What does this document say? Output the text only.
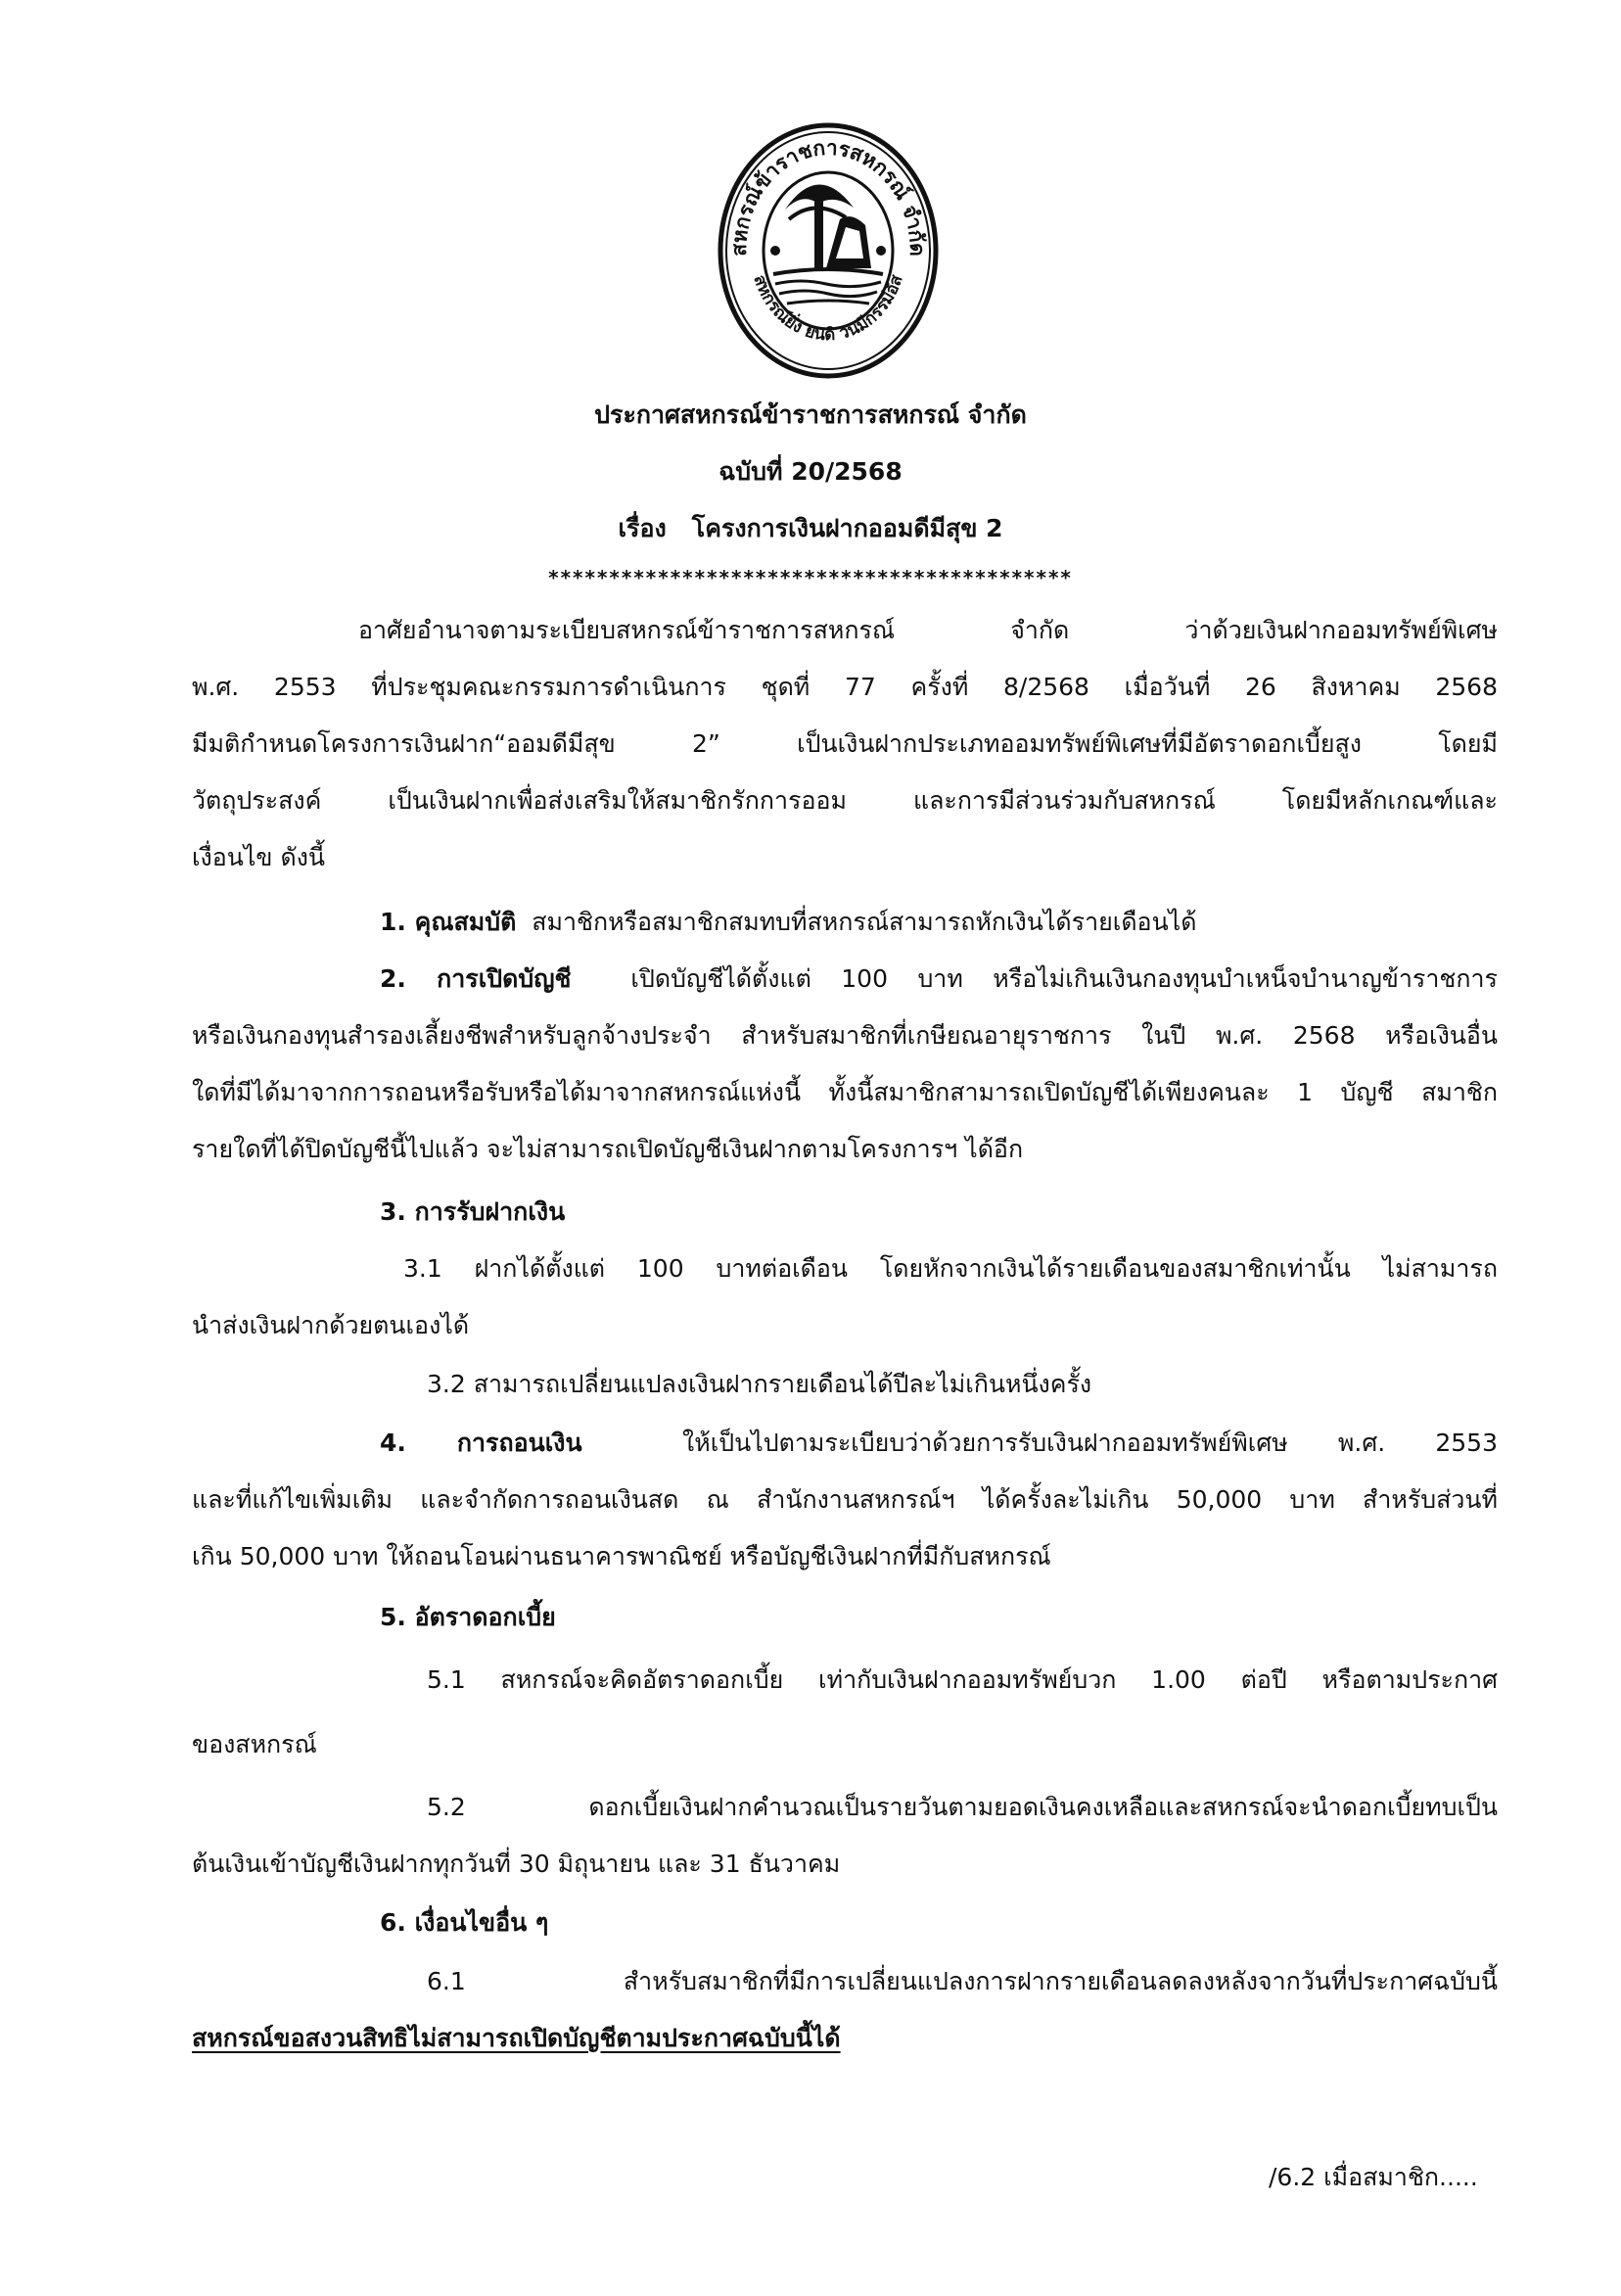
สหกรณ์ข้าราชการสหกรณ์ จำกัด
สหกรณ์ยั่ง ยนดิ วนมีกรรมีอัส
ประกาศสหกรณ์ข้าราชการสหกรณ์ จำกัด
ฉบับที่ 20/2568
เรื่อง โครงการเงินฝากออมดีมีสุข 2
*******************************************
อาศัยอำนาจตามระเบียบสหกรณ์ข้าราชการสหกรณ์ จำกัด ว่าด้วยเงินฝากออมทรัพย์พิเศษ
พ.ศ. 2553 ที่ประชุมคณะกรรมการดำเนินการ ชุดที่ 77 ครั้งที่ 8/2568 เมื่อวันที่ 26 สิงหาคม 2568
มีมติกำหนดโครงการเงินฝาก“ออมดีมีสุข 2” เป็นเงินฝากประเภทออมทรัพย์พิเศษที่มีอัตราดอกเบี้ยสูง โดยมี
วัตถุประสงค์ เป็นเงินฝากเพื่อส่งเสริมให้สมาชิกรักการออม และการมีส่วนร่วมกับสหกรณ์ โดยมีหลักเกณฑ์และ
เงื่อนไข ดังนี้
1. คุณสมบัติ สมาชิกหรือสมาชิกสมทบที่สหกรณ์สามารถหักเงินได้รายเดือนได้
2. การเปิดบัญชี เปิดบัญชีได้ตั้งแต่ 100 บาท หรือไม่เกินเงินกองทุนบำเหน็จบำนาญข้าราชการ
หรือเงินกองทุนสำรองเลี้ยงชีพสำหรับลูกจ้างประจำ สำหรับสมาชิกที่เกษียณอายุราชการ ในปี พ.ศ. 2568 หรือเงินอื่น
ใดที่มีได้มาจากการถอนหรือรับหรือได้มาจากสหกรณ์แห่งนี้ ทั้งนี้สมาชิกสามารถเปิดบัญชีได้เพียงคนละ 1 บัญชี สมาชิก
รายใดที่ได้ปิดบัญชีนี้ไปแล้ว จะไม่สามารถเปิดบัญชีเงินฝากตามโครงการฯ ได้อีก
3. การรับฝากเงิน
3.1 ฝากได้ตั้งแต่ 100 บาทต่อเดือน โดยหักจากเงินได้รายเดือนของสมาชิกเท่านั้น ไม่สามารถ
นำส่งเงินฝากด้วยตนเองได้
3.2 สามารถเปลี่ยนแปลงเงินฝากรายเดือนได้ปีละไม่เกินหนึ่งครั้ง
4. การถอนเงิน	ให้เป็นไปตามระเบียบว่าด้วยการรับเงินฝากออมทรัพย์พิเศษ พ.ศ. 2553
และที่แก้ไขเพิ่มเติม และจำกัดการถอนเงินสด ณ สำนักงานสหกรณ์ฯ ได้ครั้งละไม่เกิน 50,000 บาท สำหรับส่วนที่
เกิน 50,000 บาท ให้ถอนโอนผ่านธนาคารพาณิชย์ หรือบัญชีเงินฝากที่มีกับสหกรณ์
5. อัตราดอกเบี้ย
5.1 สหกรณ์จะคิดอัตราดอกเบี้ย เท่ากับเงินฝากออมทรัพย์บวก 1.00 ต่อปี หรือตามประกาศ
ของสหกรณ์
5.2 ดอกเบี้ยเงินฝากคำนวณเป็นรายวันตามยอดเงินคงเหลือและสหกรณ์จะนำดอกเบี้ยทบเป็น
ต้นเงินเข้าบัญชีเงินฝากทุกวันที่ 30 มิถุนายน และ 31 ธันวาคม
6. เงื่อนไขอื่น ๆ
6.1 สำหรับสมาชิกที่มีการเปลี่ยนแปลงการฝากรายเดือนลดลงหลังจากวันที่ประกาศฉบับนี้
สหกรณ์ขอสงวนสิทธิไม่สามารถเปิดบัญชีตามประกาศฉบับนี้ได้
/6.2 เมื่อสมาชิก.....
